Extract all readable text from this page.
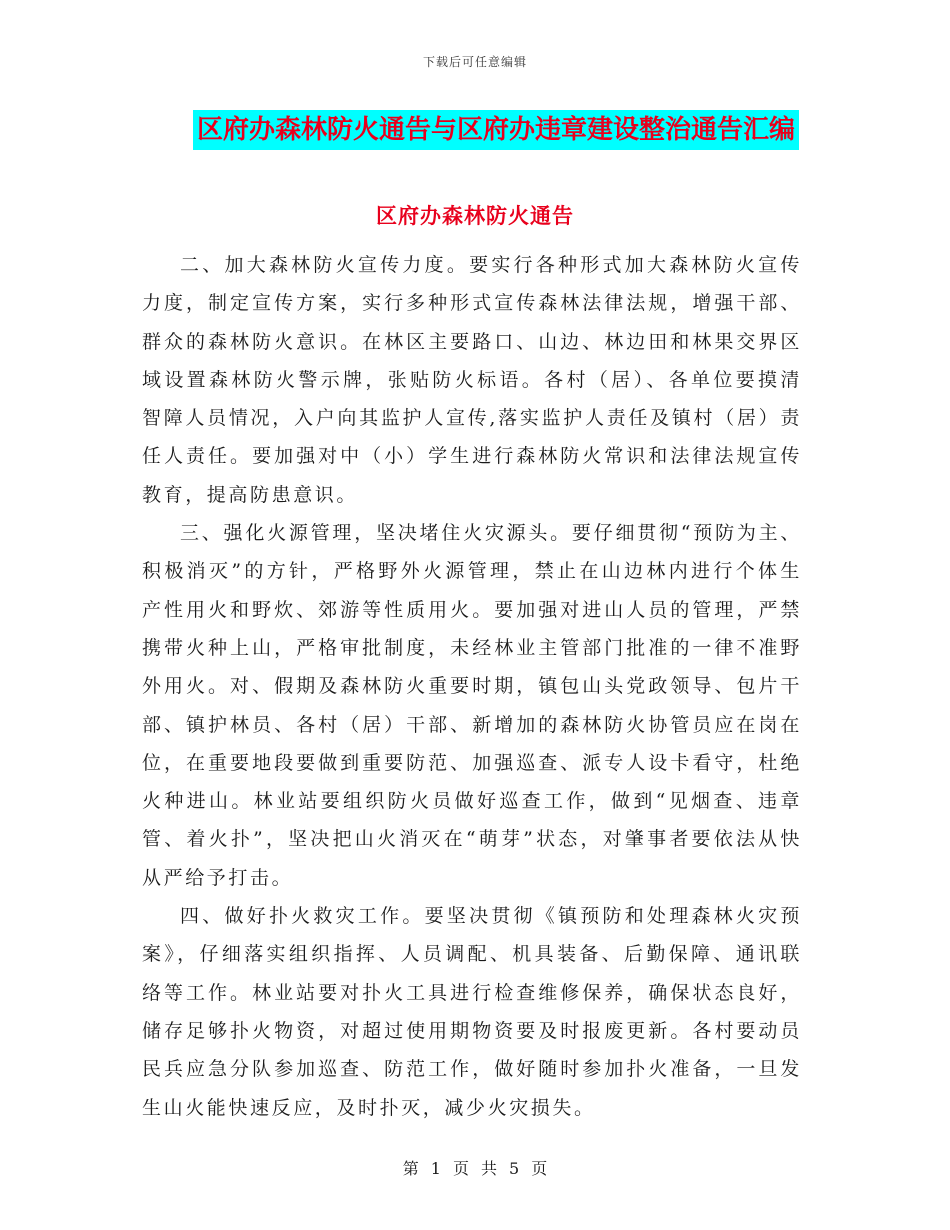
下载后可任意编辑
区府办森林防火通告与区府办违章建设整治通告汇编
区府办森林防火通告

二、加大森林防火宣传力度。要实行各种形式加大森林防火宣传力度，制定宣传方案，实行多种形式宣传森林法律法规，增强干部、群众的森林防火意识。在林区主要路口、山边、林边田和林果交界区域设置森林防火警示牌，张贴防火标语。各村（居）、各单位要摸清智障人员情况，入户向其监护人宣传,落实监护人责任及镇村（居）责任人责任。要加强对中（小）学生进行森林防火常识和法律法规宣传教育，提高防患意识。

三、强化火源管理，坚决堵住火灾源头。要仔细贯彻“预防为主、积极消灭”的方针，严格野外火源管理，禁止在山边林内进行个体生产性用火和野炊、郊游等性质用火。要加强对进山人员的管理，严禁携带火种上山，严格审批制度，未经林业主管部门批准的一律不准野外用火。对、假期及森林防火重要时期，镇包山头党政领导、包片干部、镇护林员、各村（居）干部、新增加的森林防火协管员应在岗在位，在重要地段要做到重要防范、加强巡查、派专人设卡看守，杜绝火种进山。林业站要组织防火员做好巡查工作，做到“见烟查、违章管、着火扑”，坚决把山火消灭在“萌芽”状态，对肇事者要依法从快从严给予打击。

四、做好扑火救灾工作。要坚决贯彻《镇预防和处理森林火灾预案》，仔细落实组织指挥、人员调配、机具装备、后勤保障、通讯联络等工作。林业站要对扑火工具进行检查维修保养，确保状态良好，储存足够扑火物资，对超过使用期物资要及时报废更新。各村要动员民兵应急分队参加巡查、防范工作，做好随时参加扑火准备，一旦发生山火能快速反应，及时扑灭，减少火灾损失。

第 1 页 共 5 页
